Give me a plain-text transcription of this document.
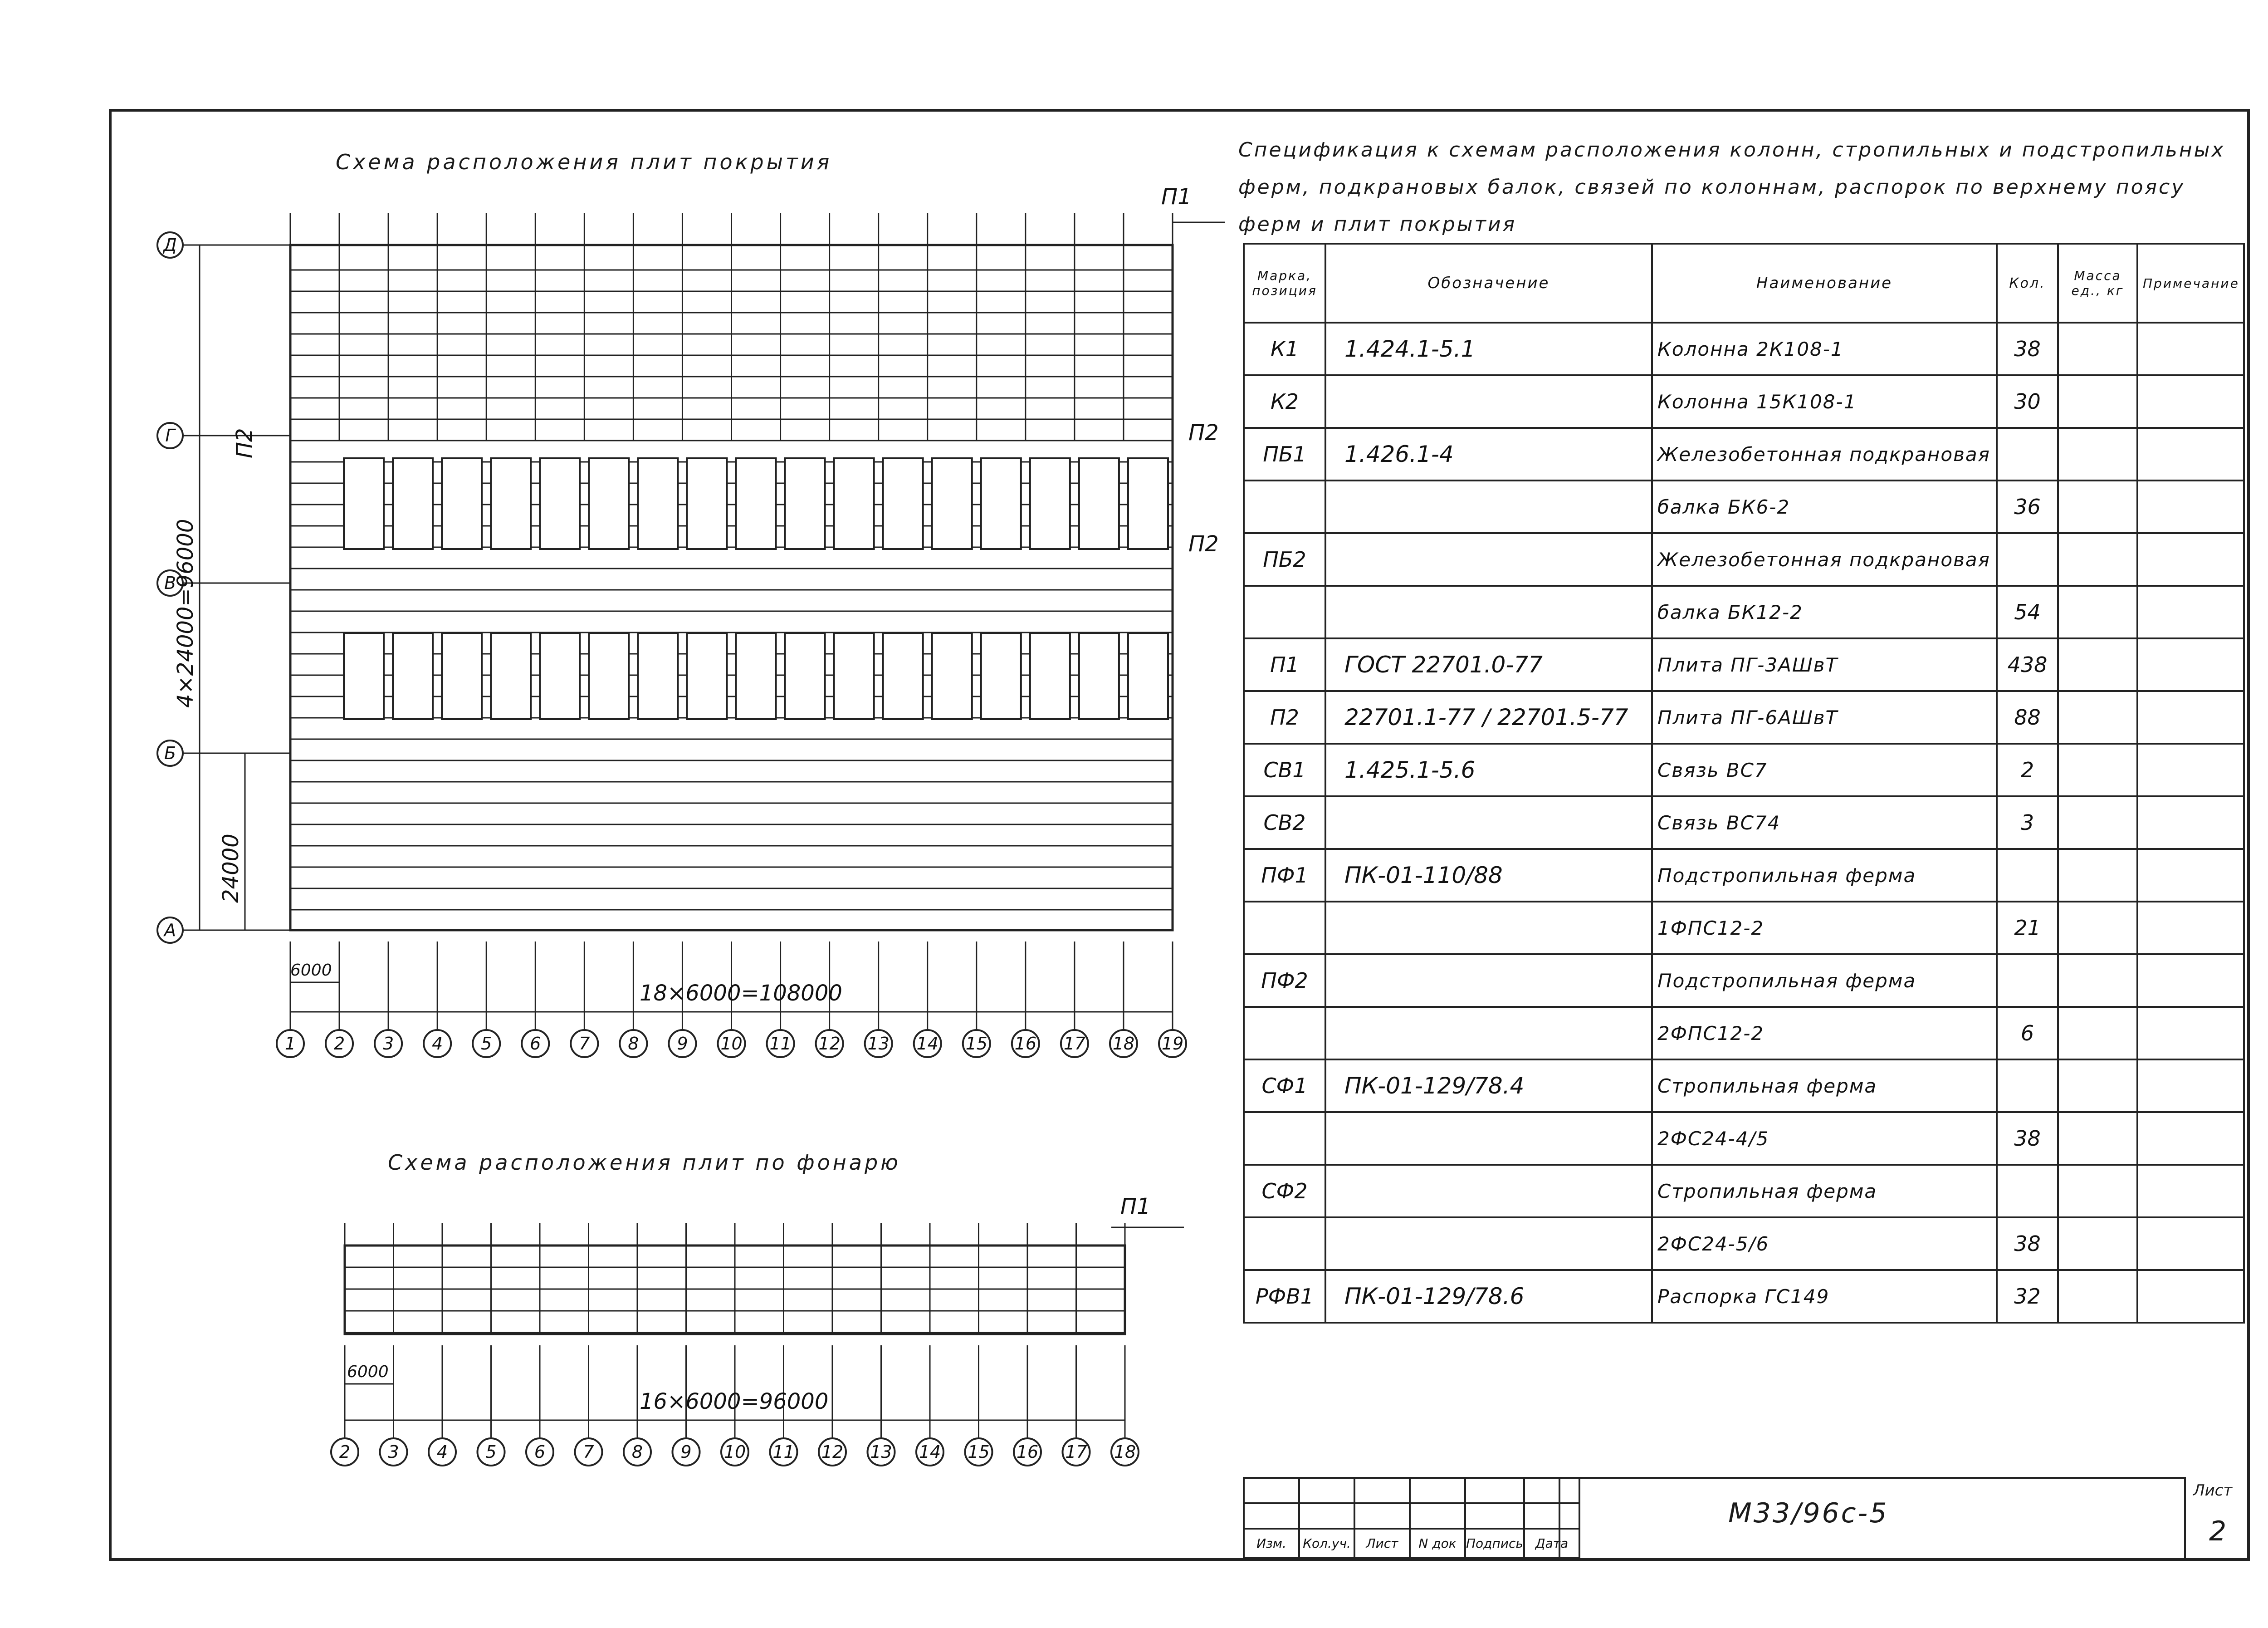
Схема расположения плит покрытия
Схема расположения плит по фонарю
Спецификация к схемам расположения колонн, стропильных и подстропильных ферм, подкрановых балок, связей по колоннам, распорок по верхнему поясу ферм и плит покрытия
Д
Г
В
Б
А
4×24000=96000
24000
П1
П2
П2
П2
1 2 3 4 5 6 7 8 9 10 11 12 13 14 15 16 17 18 19
18×6000=108000
6000
П1
2 3 4 5 6 7 8 9 10 11 12 13 14 15 16 17 18
16×6000=96000
6000
Марка, позиция	Обозначение	Наименование	Кол.	Масса ед., кг	Примечание
К1	1.424.1-5.1	Колонна 2К108-1	38		
К2		Колонна 15К108-1	30		
ПБ1	1.426.1-4	Железобетонная подкрановая			
		балка БК6-2	36		
ПБ2		Железобетонная подкрановая			
		балка БК12-2	54		
П1	ГОСТ 22701.0-77	Плита ПГ-3АШвТ	438		
П2	22701.1-77 / 22701.5-77	Плита ПГ-6АШвТ	88		
СВ1	1.425.1-5.6	Связь ВС7	2		
СВ2		Связь ВС74	3		
ПФ1	ПК-01-110/88	Подстропильная ферма			
		1ФПС12-2	21		
ПФ2		Подстропильная ферма			
		2ФПС12-2	6		
СФ1	ПК-01-129/78.4	Стропильная ферма			
		2ФС24-4/5	38		
СФ2		Стропильная ферма			
		2ФС24-5/6	38		
РФВ1	ПК-01-129/78.6	Распорка ГС149	32		

Изм.	Кол.уч.	Лист	N док	Подпись	Дата	
М33/96с-5
Лист
2
